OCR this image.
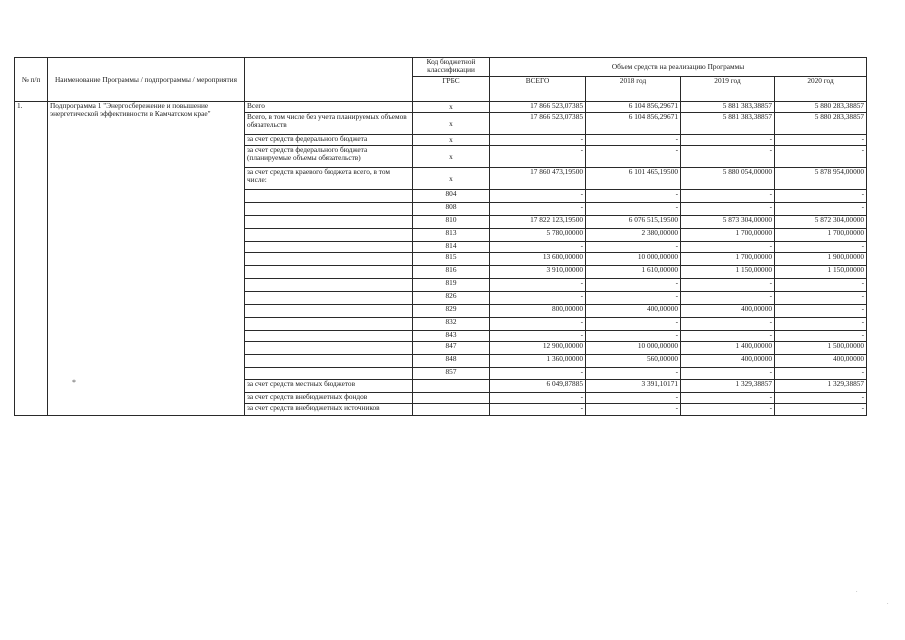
№ п/п	Наименование Программы / подпрограммы / мероприятия		Код бюджетной классификации	Объем средств на реализацию Программы			
			ГРБС	ВСЕГО	2018 год	2019 год	2020 год
1.	Подпрограмма 1 "Энергосбережение и повышение энергетической эффективности в Камчатском крае"	Всего	х	17 866 523,07385	6 104 856,29671	5 881 383,38857	5 880 283,38857
		Всего, в том числе без учета планируемых объемов обязательств	х	17 866 523,07385	6 104 856,29671	5 881 383,38857	5 880 283,38857
		за счет средств федерального бюджета	х	-	-	-	-
		за счет средств федерального бюджета (планируемые объемы обязательств)	х	-	-	-	-
		за счет средств краевого бюджета всего, в том числе:	х	17 860 473,19500	6 101 465,19500	5 880 054,00000	5 878 954,00000
			804	-	-	-	-
			808	-	-	-	-
			810	17 822 123,19500	6 076 515,19500	5 873 304,00000	5 872 304,00000
			813	5 780,00000	2 380,00000	1 700,00000	1 700,00000
			814	-	-	-	-
			815	13 600,00000	10 000,00000	1 700,00000	1 900,00000
			816	3 910,00000	1 610,00000	1 150,00000	1 150,00000
			819	-	-	-	-
			826	-	-	-	-
			829	800,00000	400,00000	400,00000	-
			832	-	-	-	-
			843	-	-	-	-
			847	12 900,00000	10 000,00000	1 400,00000	1 500,00000
			848	1 360,00000	560,00000	400,00000	400,00000
			857	-	-	-	-
		за счет средств местных бюджетов		6 049,87885	3 391,10171	1 329,38857	1 329,38857
		за счет средств внебюджетных фондов		-	-	-	-
		за счет средств внебюджетных источников		-	-	-	-
*
.
.
